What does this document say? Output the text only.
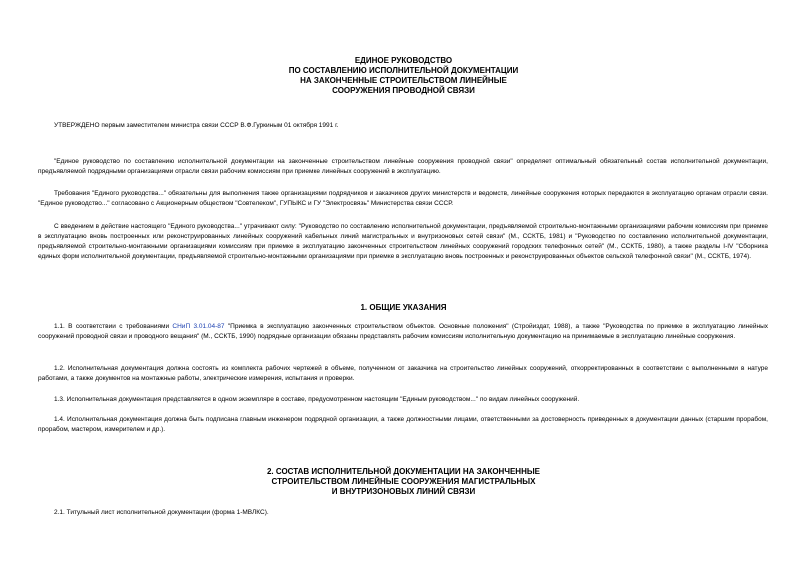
ЕДИНОЕ РУКОВОДСТВО
ПО СОСТАВЛЕНИЮ ИСПОЛНИТЕЛЬНОЙ ДОКУМЕНТАЦИИ
НА ЗАКОНЧЕННЫЕ СТРОИТЕЛЬСТВОМ ЛИНЕЙНЫЕ
СООРУЖЕНИЯ ПРОВОДНОЙ СВЯЗИ
УТВЕРЖДЕНО первым заместителем министра связи СССР В.Ф.Гуркиным 01 октября 1991 г.
"Единое руководство по составлению исполнительной документации на законченные строительством линейные сооружения проводной связи" определяет оптимальный обязательный состав исполнительной документации, предъявляемой подрядными организациями отрасли связи рабочим комиссиям при приемке линейных сооружений в эксплуатацию.
Требования "Единого руководства..." обязательны для выполнения также организациями подрядчиков и заказчиков других министерств и ведомств, линейные сооружения которых передаются в эксплуатацию органам отрасли связи. "Единое руководство..." согласовано с Акционерным обществом "Совтелеком", ГУПЫКС и ГУ "Электросвязь" Министерства связи СССР.
С введением в действие настоящего "Единого руководства..." утрачивают силу: "Руководство по составлению исполнительной документации, предъявляемой строительно-монтажными организациями рабочим комиссиям при приемке в эксплуатацию вновь построенных или реконструированных линейных сооружений кабельных линий магистральных и внутризоновых сетей связи" (М., ССКТБ, 1981) и "Руководство по составлению исполнительной документации, предъявляемой строительно-монтажными организациями комиссиям при приемке в эксплуатацию законченных строительством линейных сооружений городских телефонных сетей" (М., ССКТБ, 1980), а также разделы I-IV "Сборника единых форм исполнительной документации, предъявляемой строительно-монтажными организациями при приемке в эксплуатацию вновь построенных и реконструированных объектов сельской телефонной связи" (М., ССКТБ, 1974).
1. ОБЩИЕ УКАЗАНИЯ
1.1. В соответствии с требованиями СНиП 3.01.04-87 "Приемка в эксплуатацию законченных строительством объектов. Основные положения" (Стройиздат, 1988), а также "Руководства по приемке в эксплуатацию линейных сооружений проводной связи и проводного вещания" (М., ССКТБ, 1990) подрядные организации обязаны представлять рабочим комиссиям исполнительную документацию на принимаемые в эксплуатацию линейные сооружения.
1.2. Исполнительная документация должна состоять из комплекта рабочих чертежей в объеме, полученном от заказчика на строительство линейных сооружений, откорректированных в соответствии с выполненными в натуре работами, а также документов на монтажные работы, электрические измерения, испытания и проверки.
1.3. Исполнительная документация представляется в одном экземпляре в составе, предусмотренном настоящим "Единым руководством..." по видам линейных сооружений.
1.4. Исполнительная документация должна быть подписана главным инженером подрядной организации, а также должностными лицами, ответственными за достоверность приведенных в документации данных (старшим прорабом, прорабом, мастером, измерителем и др.).
2. СОСТАВ ИСПОЛНИТЕЛЬНОЙ ДОКУМЕНТАЦИИ НА ЗАКОНЧЕННЫЕ
СТРОИТЕЛЬСТВОМ ЛИНЕЙНЫЕ СООРУЖЕНИЯ МАГИСТРАЛЬНЫХ
И ВНУТРИЗОНОВЫХ ЛИНИЙ СВЯЗИ
2.1. Титульный лист исполнительной документации (форма 1-МВЛКС).
